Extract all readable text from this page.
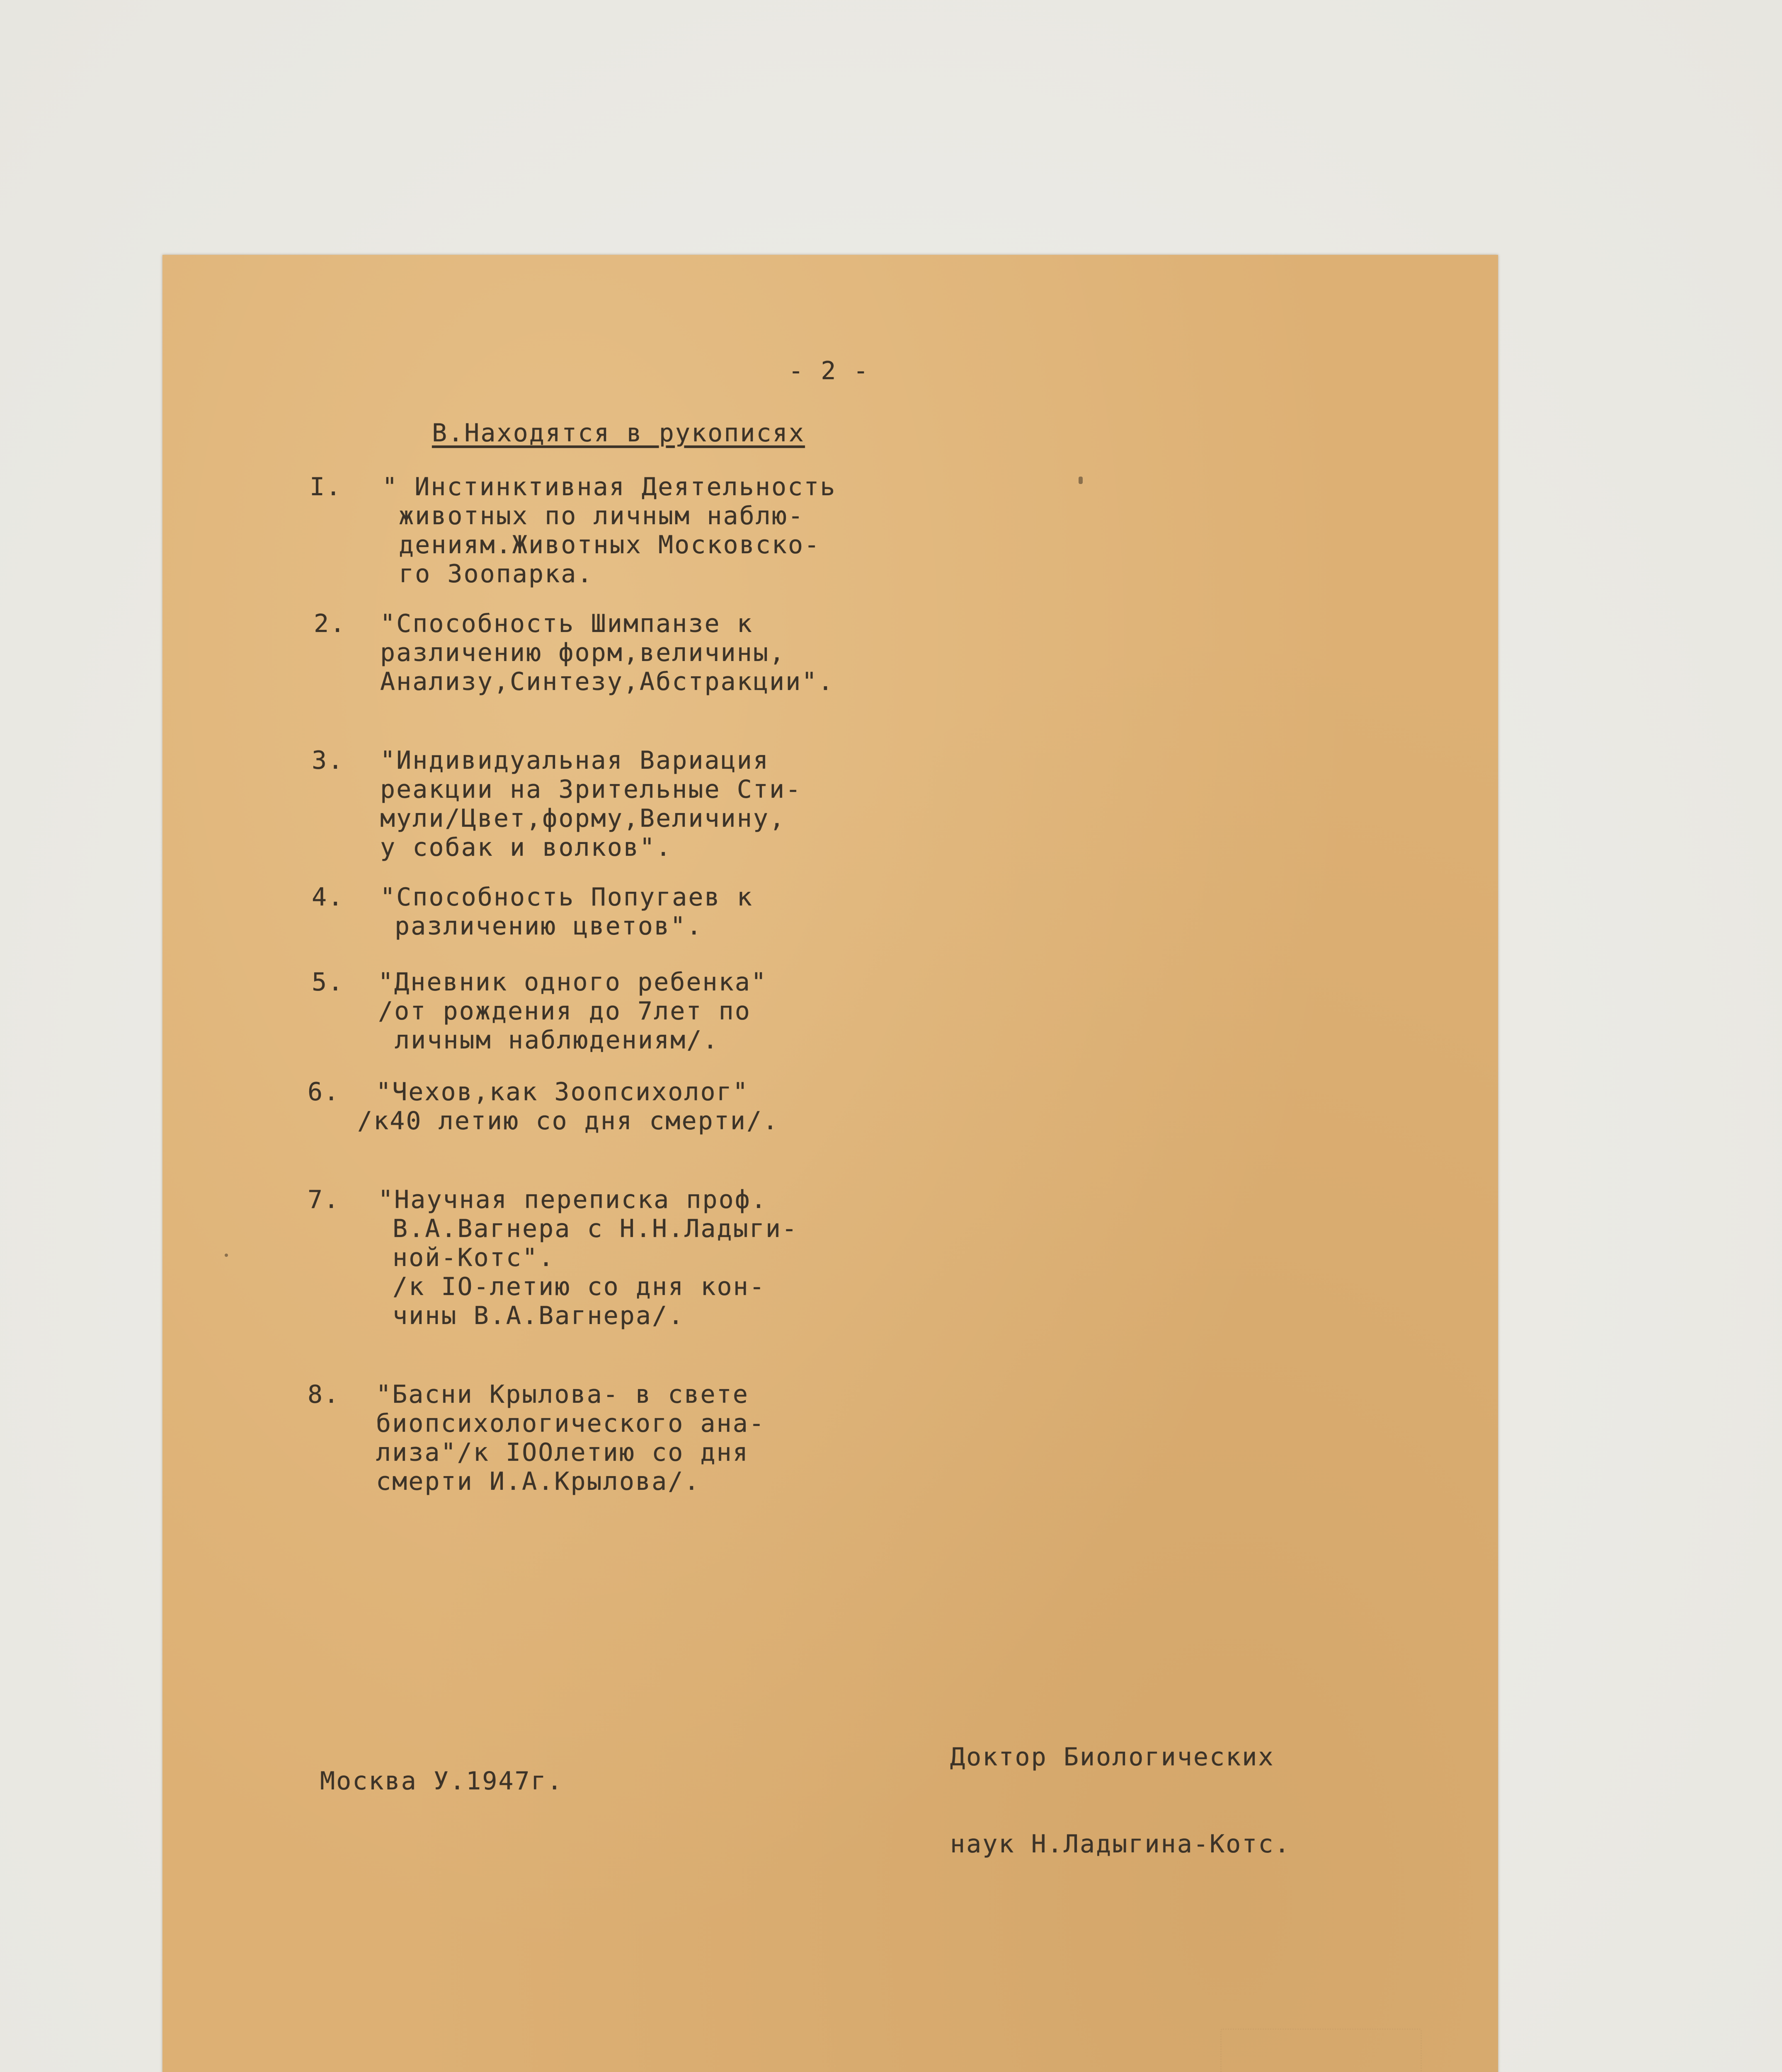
- 2 -
В.Находятся в рукописях
I. " Инстинктивная Деятельность
животных по личным наблю-
дениям.Животных Московско-
го Зоопарка.
2. "Способность Шимпанзе к
различению форм,величины,
Анализу,Синтезу,Абстракции".
3. "Индивидуальная Вариация
реакции на Зрительные Сти-
мули/Цвет,форму,Величину,
у собак и волков".
4. "Способность Попугаев к
различению цветов".
5. "Дневник одного ребенка"
/от рождения до 7лет по
личным наблюдениям/.
6. "Чехов,как Зоопсихолог"
/к40 летию со дня смерти/.
7. "Научная переписка проф.
В.А.Вагнера с Н.Н.Ладыги-
ной-Котс".
/к IO-летию со дня кон-
чины В.А.Вагнера/.
8. "Басни Крылова- в свете
биопсихологического ана-
лиза"/к IOOлетию со дня
смерти И.А.Крылова/.

Доктор Биологических

наук Н.Ладыгина-Котс.

Москва У.1947г.
